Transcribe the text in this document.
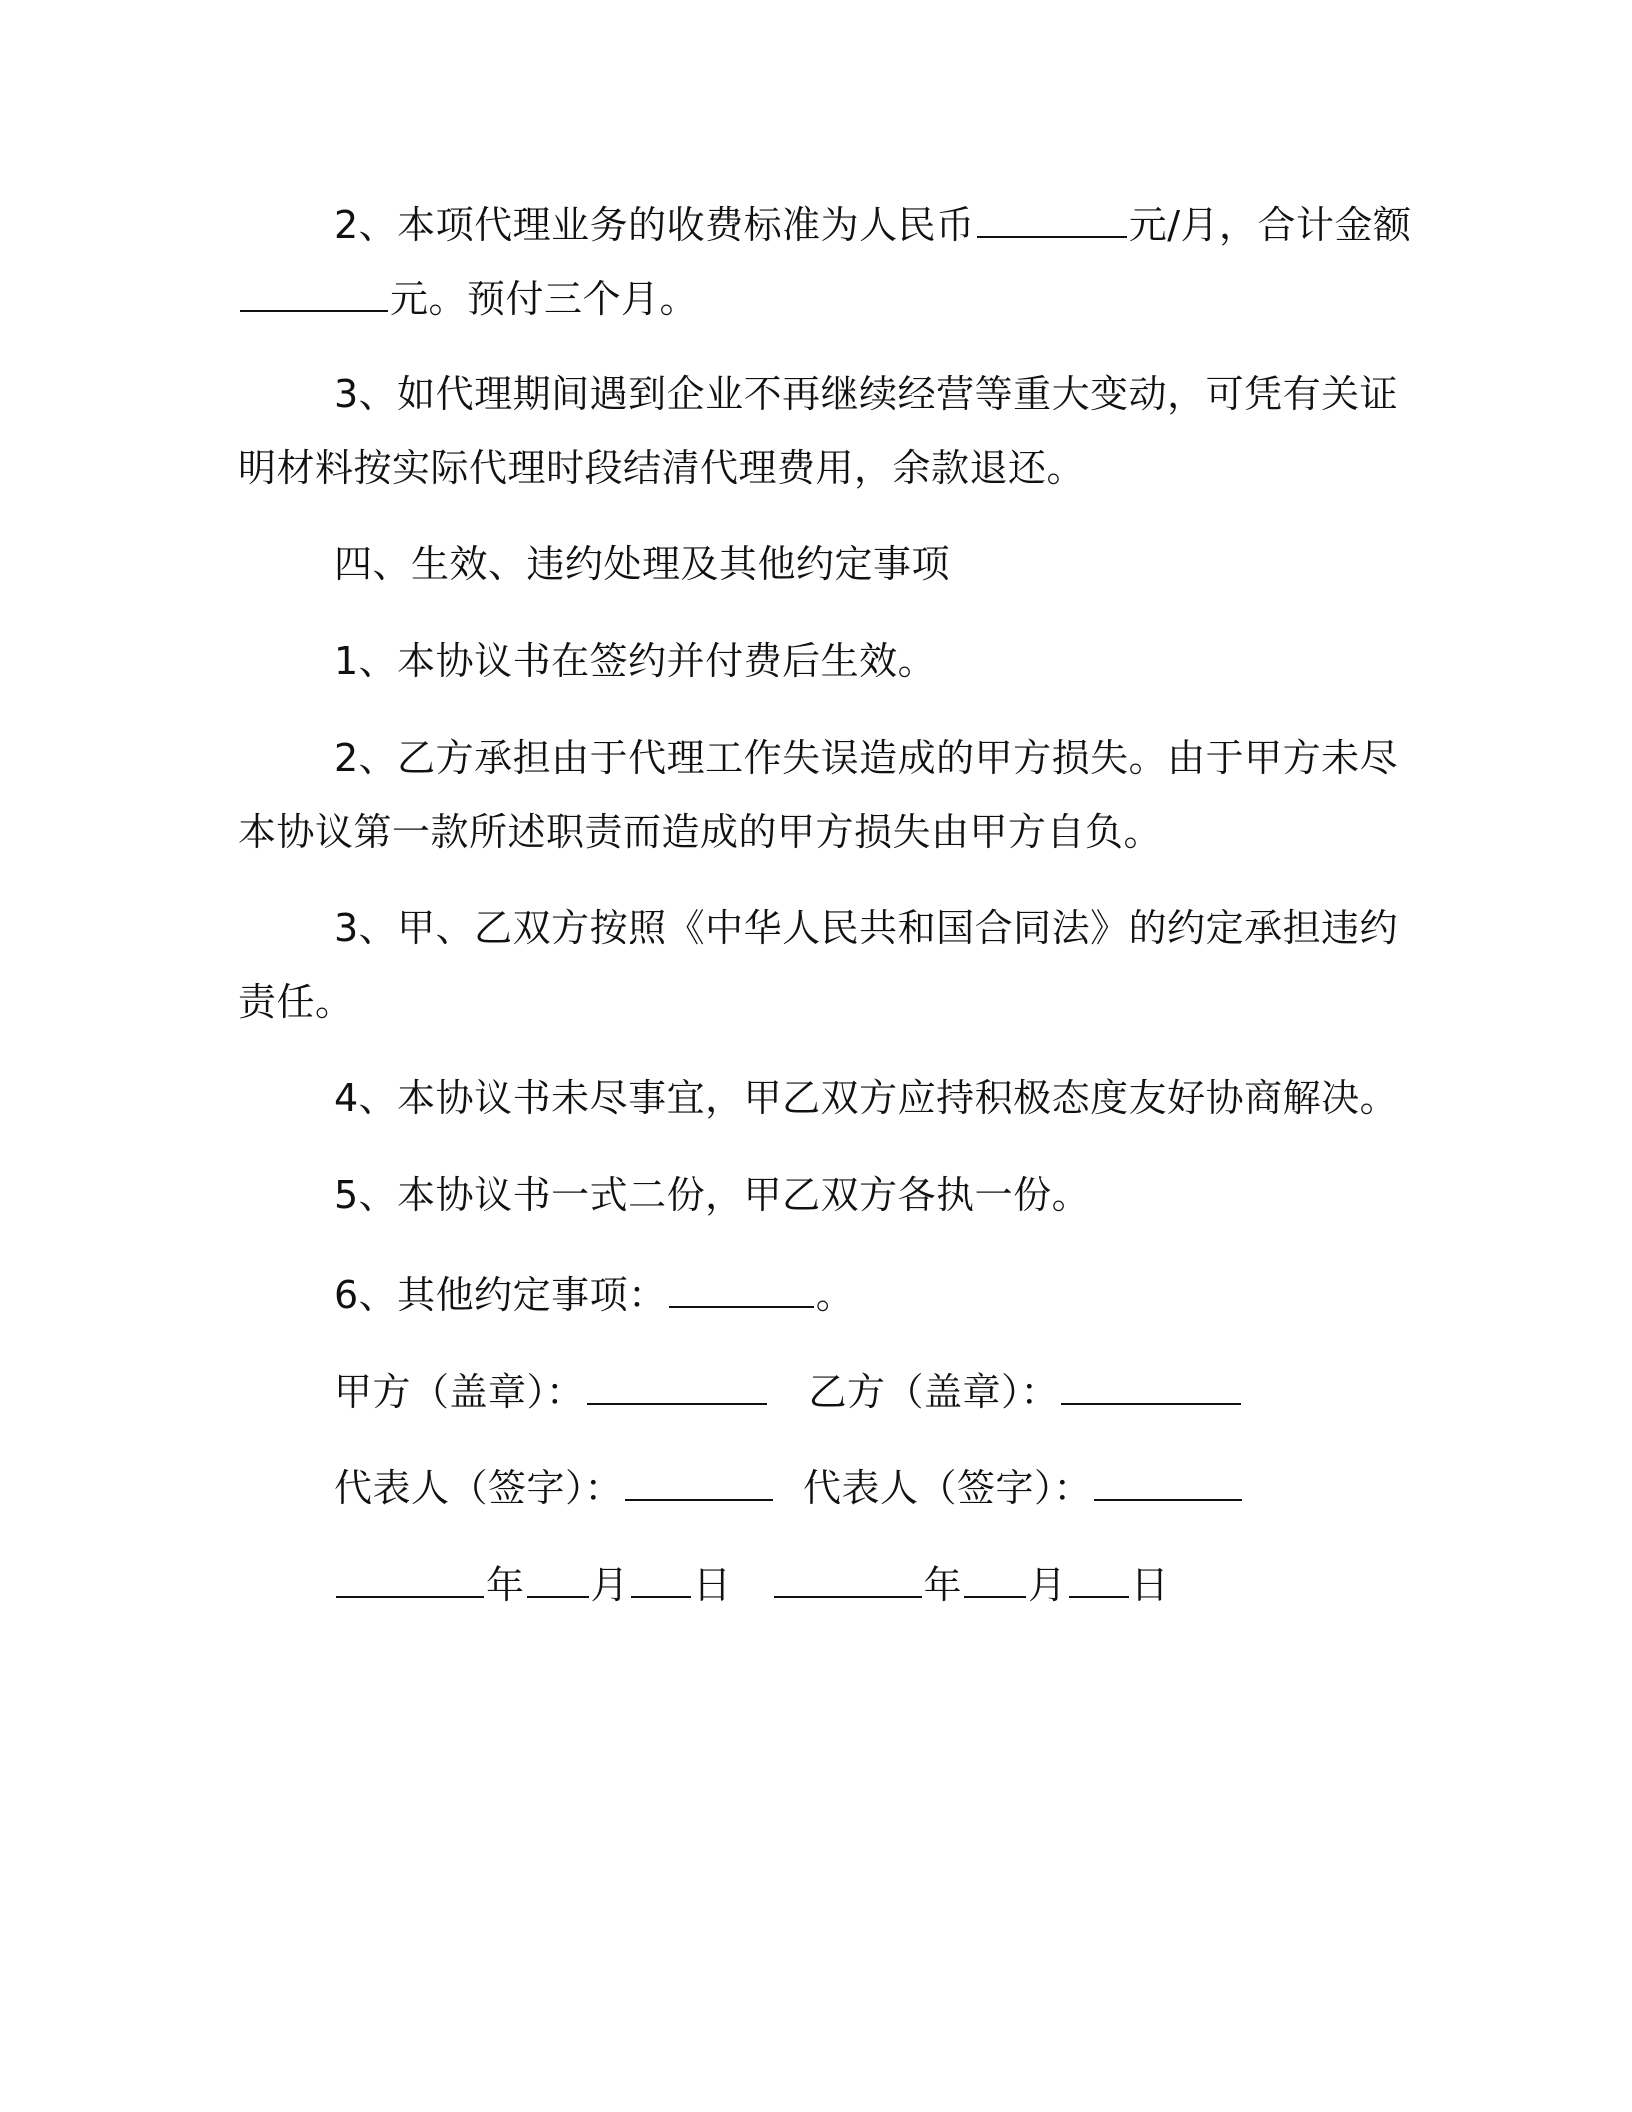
2、本项代理业务的收费标准为人民币	元/月，合计金额
元。预付三个月。
3、如代理期间遇到企业不再继续经营等重大变动，可凭有关证
明材料按实际代理时段结清代理费用，余款退还。
四、生效、违约处理及其他约定事项
1、本协议书在签约并付费后生效。
2、乙方承担由于代理工作失误造成的甲方损失。由于甲方未尽
本协议第一款所述职责而造成的甲方损失由甲方自负。
3、甲、乙双方按照《中华人民共和国合同法》的约定承担违约
责任。
4、本协议书未尽事宜，甲乙双方应持积极态度友好协商解决。
5、本协议书一式二份，甲乙双方各执一份。
6、其他约定事项：	。
甲方（盖章）：	乙方（盖章）：
代表人（签字）：	代表人（签字）：
年 月 日	年 月 日
